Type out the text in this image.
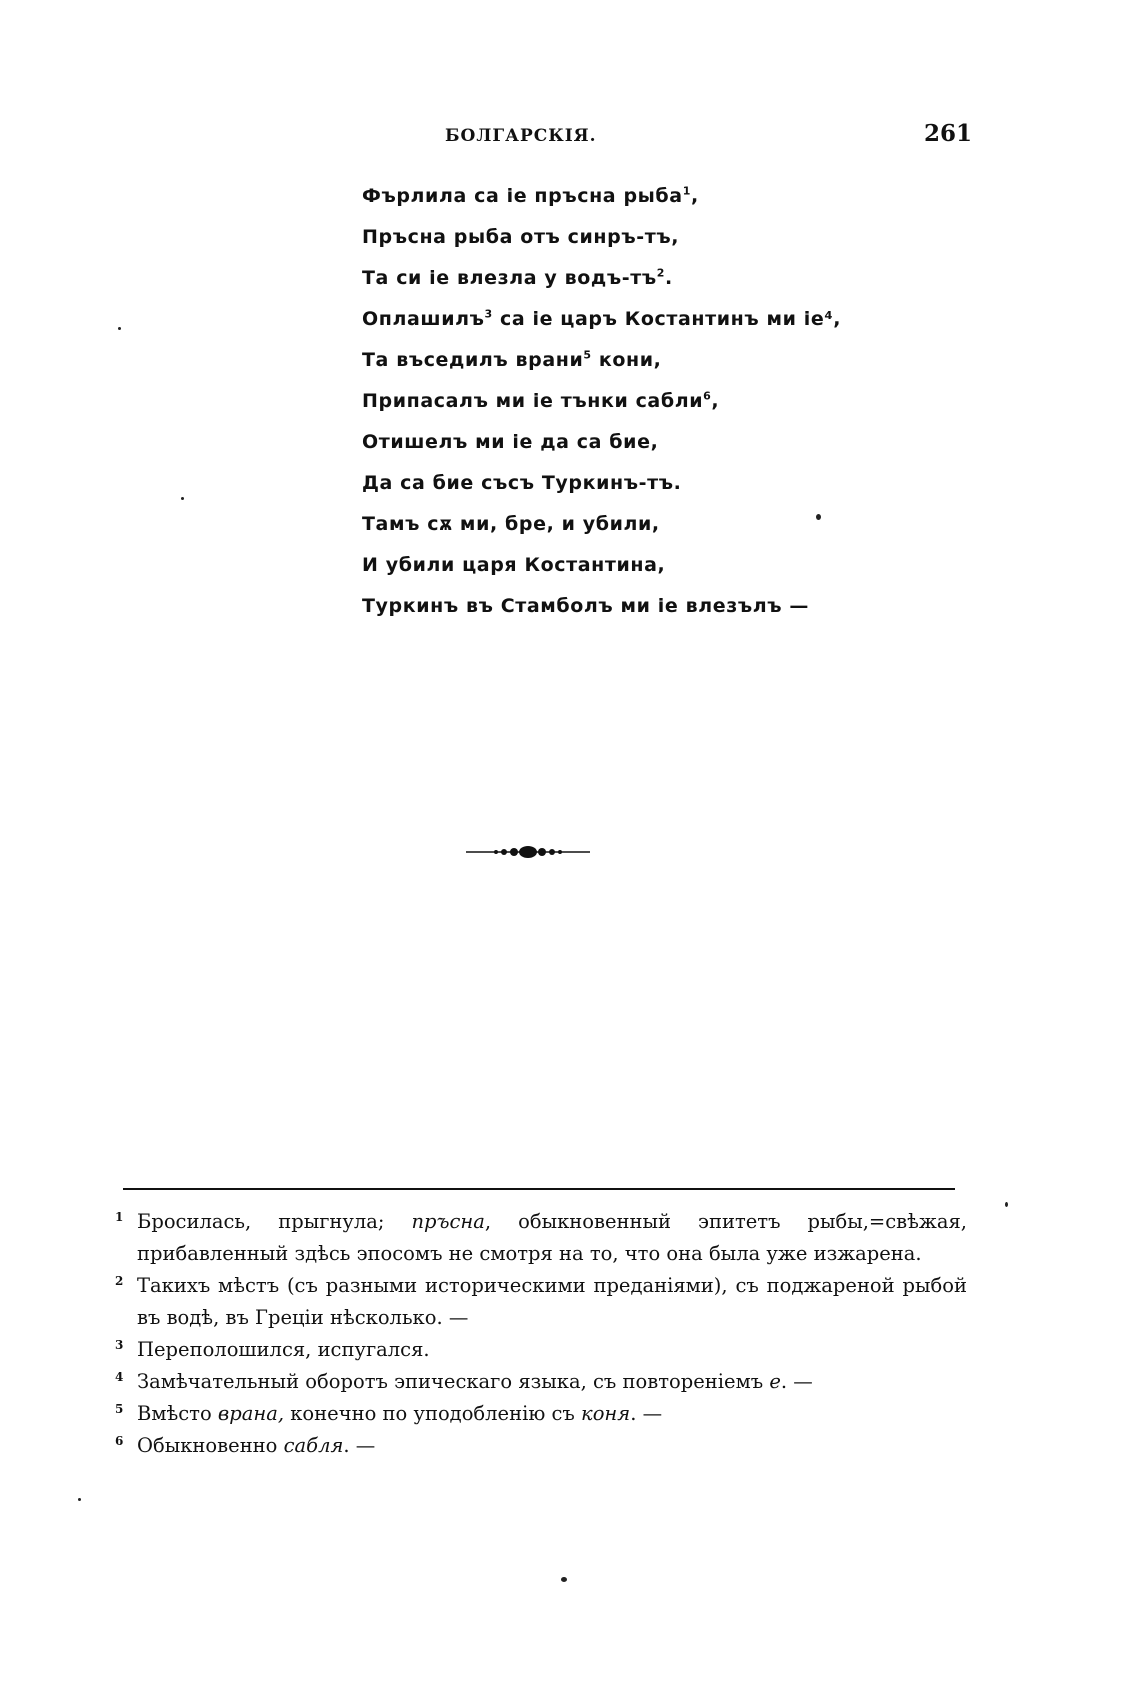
БОЛГАРСКIЯ.	261
Фърлила са ie пръсна рыба$^1$,
Пръсна рыба отъ синръ-тъ,
Та си ie влезла у водъ-$тъ^2$.
Оплашилъ$^3$ са ie царъ Костантинъ ми ie⁴,
Та въседилъ врани$^5$ кони,
Припасалъ ми ie тънки сабли$^6$,
Отишелъ ми ie да са бие,
Да са бие съсъ Туркинъ-тъ.
Тамъ сѫ ми, брe, и убили,
И убили царя Костантина,
Туркинъ въ Стамболъ ми ie влезълъ —
1 Бросилась, прыгнула; пръсна, обыкновенный эпитетъ рыбы,=свѣжая, прибавленный здѣсь эпосомъ не смотря на то, что она была уже изжарена.
2 Такихъ мѣстъ (съ разными историческими преданiями), съ поджареной рыбой въ водѣ, въ Грецiи нѣсколько. —
3 Переполошился, испугался.
4 Замѣчательный оборотъ эпическаго языка, съ повторенiемъ e. —
5 Вмѣсто врана, конечно по уподобленiю съ коня. —
6 Обыкновенно сабля. —
